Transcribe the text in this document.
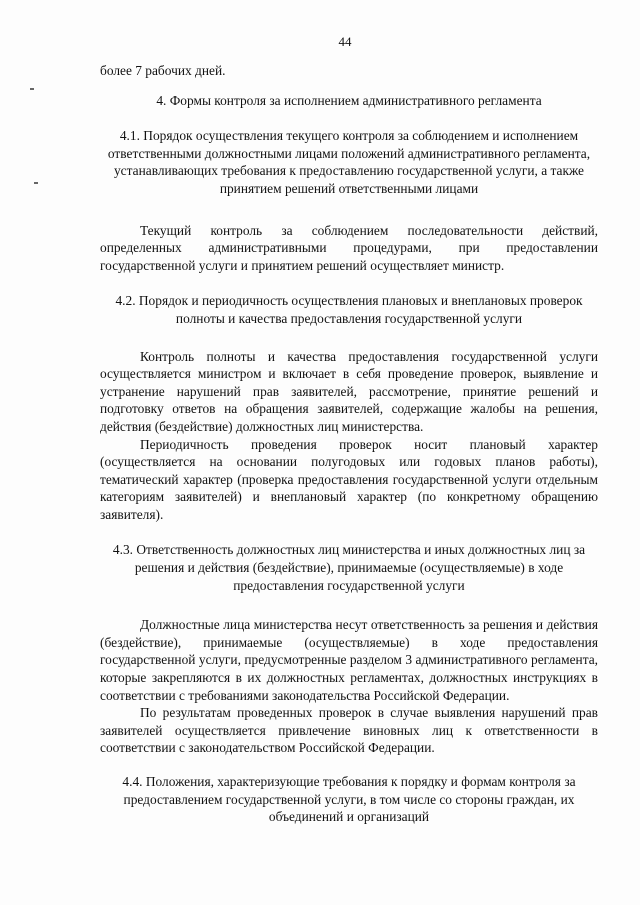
44

более 7 рабочих дней.

4. Формы контроля за исполнением административного регламента

4.1. Порядок осуществления текущего контроля за соблюдением и исполнением ответственными должностными лицами положений административного регламента, устанавливающих требования к предоставлению государственной услуги, а также принятием решений ответственными лицами

Текущий контроль за соблюдением последовательности действий, определенных административными процедурами, при предоставлении государственной услуги и принятием решений осуществляет министр.

4.2. Порядок и периодичность осуществления плановых и внеплановых проверок полноты и качества предоставления государственной услуги

Контроль полноты и качества предоставления государственной услуги осуществляется министром и включает в себя проведение проверок, выявление и устранение нарушений прав заявителей, рассмотрение, принятие решений и подготовку ответов на обращения заявителей, содержащие жалобы на решения, действия (бездействие) должностных лиц министерства.

Периодичность проведения проверок носит плановый характер (осуществляется на основании полугодовых или годовых планов работы), тематический характер (проверка предоставления государственной услуги отдельным категориям заявителей) и внеплановый характер (по конкретному обращению заявителя).

4.3. Ответственность должностных лиц министерства и иных должностных лиц за решения и действия (бездействие), принимаемые (осуществляемые) в ходе предоставления государственной услуги

Должностные лица министерства несут ответственность за решения и действия (бездействие), принимаемые (осуществляемые) в ходе предоставления государственной услуги, предусмотренные разделом 3 административного регламента, которые закрепляются в их должностных регламентах, должностных инструкциях в соответствии с требованиями законодательства Российской Федерации.

По результатам проведенных проверок в случае выявления нарушений прав заявителей осуществляется привлечение виновных лиц к ответственности в соответствии с законодательством Российской Федерации.

4.4. Положения, характеризующие требования к порядку и формам контроля за предоставлением государственной услуги, в том числе со стороны граждан, их объединений и организаций
